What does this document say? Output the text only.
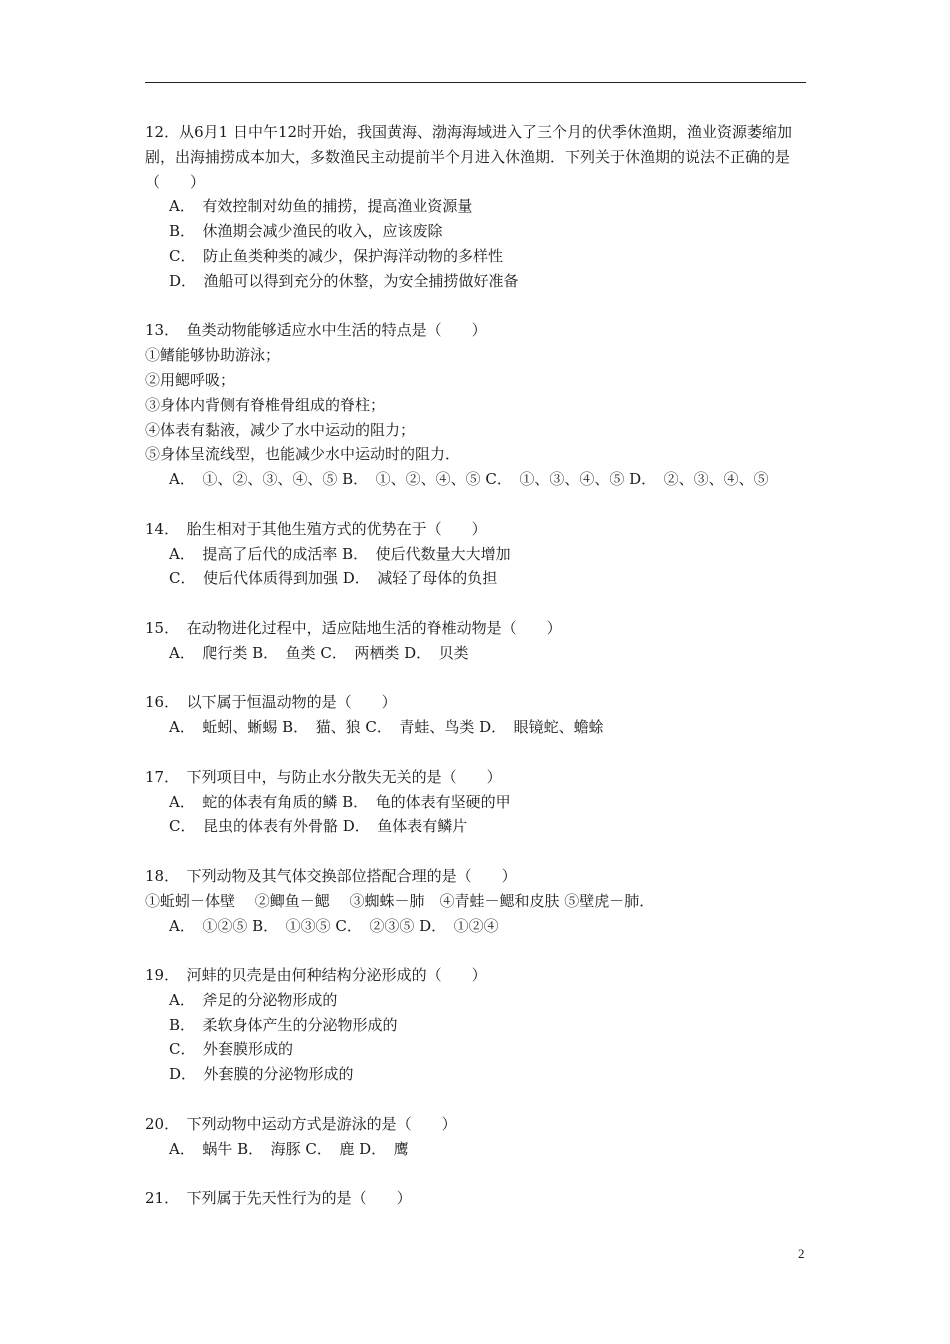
12．从6月1 日中午12时开始，我国黄海、渤海海域进入了三个月的伏季休渔期，渔业资源萎缩加剧，出海捕捞成本加大，多数渔民主动提前半个月进入休渔期．下列关于休渔期的说法不正确的是（　　）
A．　有效控制对幼鱼的捕捞，提高渔业资源量
B．　休渔期会减少渔民的收入，应该废除
C．　防止鱼类种类的减少，保护海洋动物的多样性
D．　渔船可以得到充分的休整，为安全捕捞做好准备
13．　鱼类动物能够适应水中生活的特点是（　　）
①鳍能够协助游泳；
②用鳃呼吸；
③身体内背侧有脊椎骨组成的脊柱；
④体表有黏液，减少了水中运动的阻力；
⑤身体呈流线型，也能减少水中运动时的阻力．
A．　①、②、③、④、⑤ B．　①、②、④、⑤ C．　①、③、④、⑤ D．　②、③、④、⑤
14．　胎生相对于其他生殖方式的优势在于（　　）
A．　提高了后代的成活率 B．　使后代数量大大增加
C．　使后代体质得到加强 D．　减轻了母体的负担
15．　在动物进化过程中，适应陆地生活的脊椎动物是（　　）
A．　爬行类 B．　鱼类 C．　两栖类 D．　贝类
16．　以下属于恒温动物的是（　　）
A．　蚯蚓、蜥蜴 B．　猫、狼 C．　青蛙、鸟类 D．　眼镜蛇、蟾蜍
17．　下列项目中，与防止水分散失无关的是（　　）
A．　蛇的体表有角质的鳞 B．　龟的体表有坚硬的甲
C．　昆虫的体表有外骨骼 D．　鱼体表有鳞片
18．　下列动物及其气体交换部位搭配合理的是（　　）
①蚯蚓－体壁　 ②鲫鱼－鳃　 ③蜘蛛－肺　④青蛙－鳃和皮肤 ⑤壁虎－肺．
A．　①②⑤ B．　①③⑤ C．　②③⑤ D．　①②④
19．　河蚌的贝壳是由何种结构分泌形成的（　　）
A．　斧足的分泌物形成的
B．　柔软身体产生的分泌物形成的
C．　外套膜形成的
D．　外套膜的分泌物形成的
20．　下列动物中运动方式是游泳的是（　　）
A．　蜗牛 B．　海豚 C．　鹿 D．　鹰
21．　下列属于先天性行为的是（　　）
2
